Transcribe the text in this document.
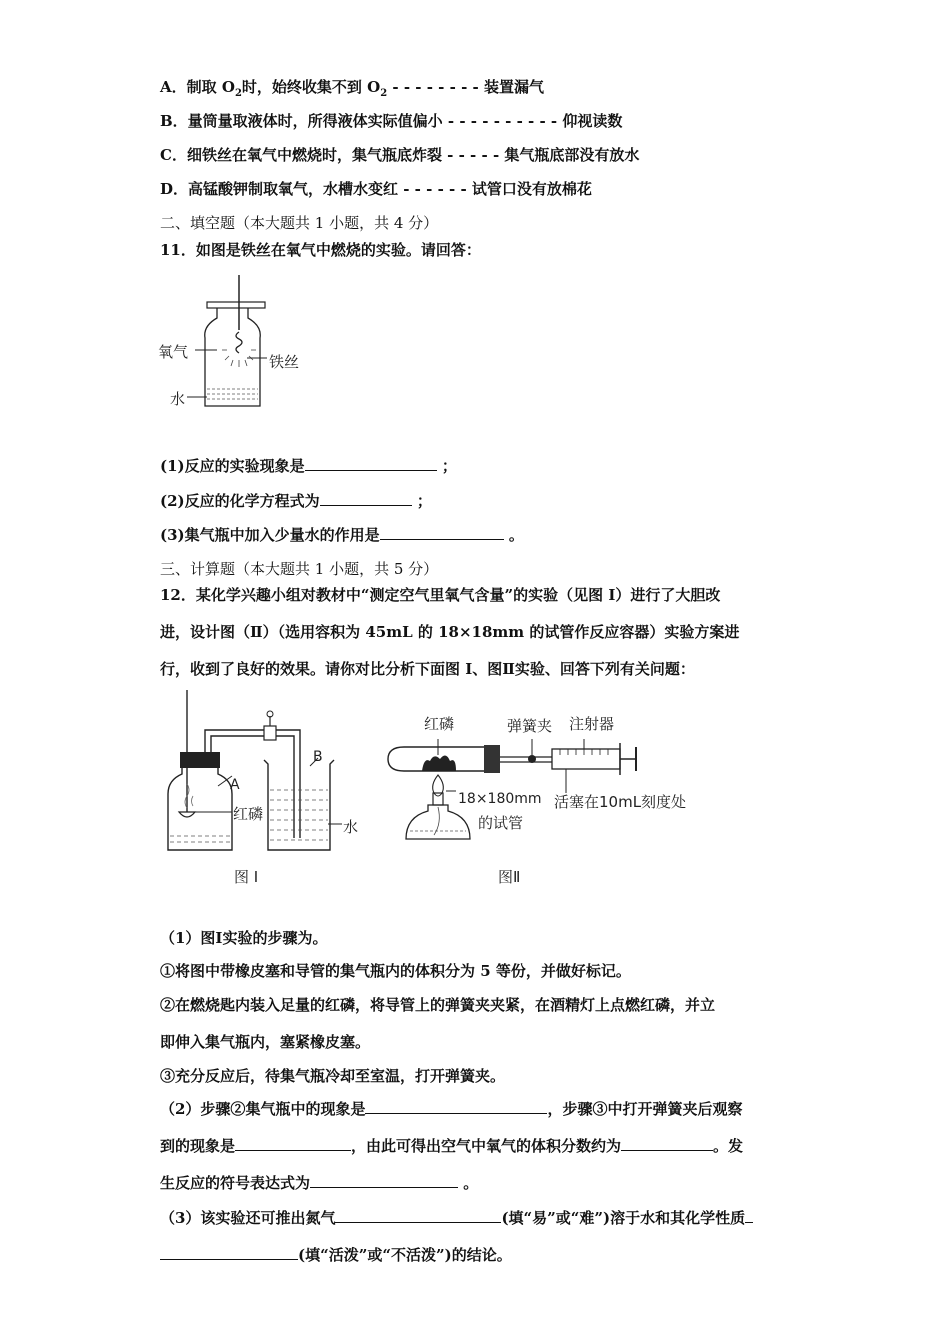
A．制取 $O_2$时，始终收集不到 $O_2$ - - - - - - - - 装置漏气
B．量筒量取液体时，所得液体实际值偏小 - - - - - - - - - - 仰视读数
C．细铁丝在氧气中燃烧时，集气瓶底炸裂 - - - - - 集气瓶底部没有放水
D．高锰酸钾制取氧气，水槽水变红 - - - - - - 试管口没有放棉花
二、填空题（本大题共 1 小题，共 4 分）
11．如图是铁丝在氧气中燃烧的实验。请回答：
氧气
铁丝
水
(1)反应的实验现象是	；
(2)反应的化学方程式为	；
(3)集气瓶中加入少量水的作用是	。
三、计算题（本大题共 1 小题，共 5 分）
12．某化学兴趣小组对教材中“测定空气里氧气含量”的实验（见图 I）进行了大胆改
进，设计图（Ⅱ）（选用容积为 45mL 的 18×18mm 的试管作反应容器）实验方案进
行，收到了良好的效果。请你对比分析下面图 I、图Ⅱ实验、回答下列有关问题：
A
B
红磷
水
图 I
红磷	弹簧夹 注射器
18×180mm
的试管
活塞在10mL刻度处
图Ⅱ
（1）图Ⅰ实验的步骤为。
①将图中带橡皮塞和导管的集气瓶内的体积分为 5 等份，并做好标记。
②在燃烧匙内装入足量的红磷，将导管上的弹簧夹夹紧，在酒精灯上点燃红磷，并立
即伸入集气瓶内，塞紧橡皮塞。
③充分反应后，待集气瓶冷却至室温，打开弹簧夹。
（2）步骤②集气瓶中的现象是	，步骤③中打开弹簧夹后观察
到的现象是	，由此可得出空气中氧气的体积分数约为	。发
生反应的符号表达式为	。
（3）该实验还可推出氮气	(填“易”或“难”)溶于水和其化学性质
(填“活泼”或“不活泼”)的结论。
